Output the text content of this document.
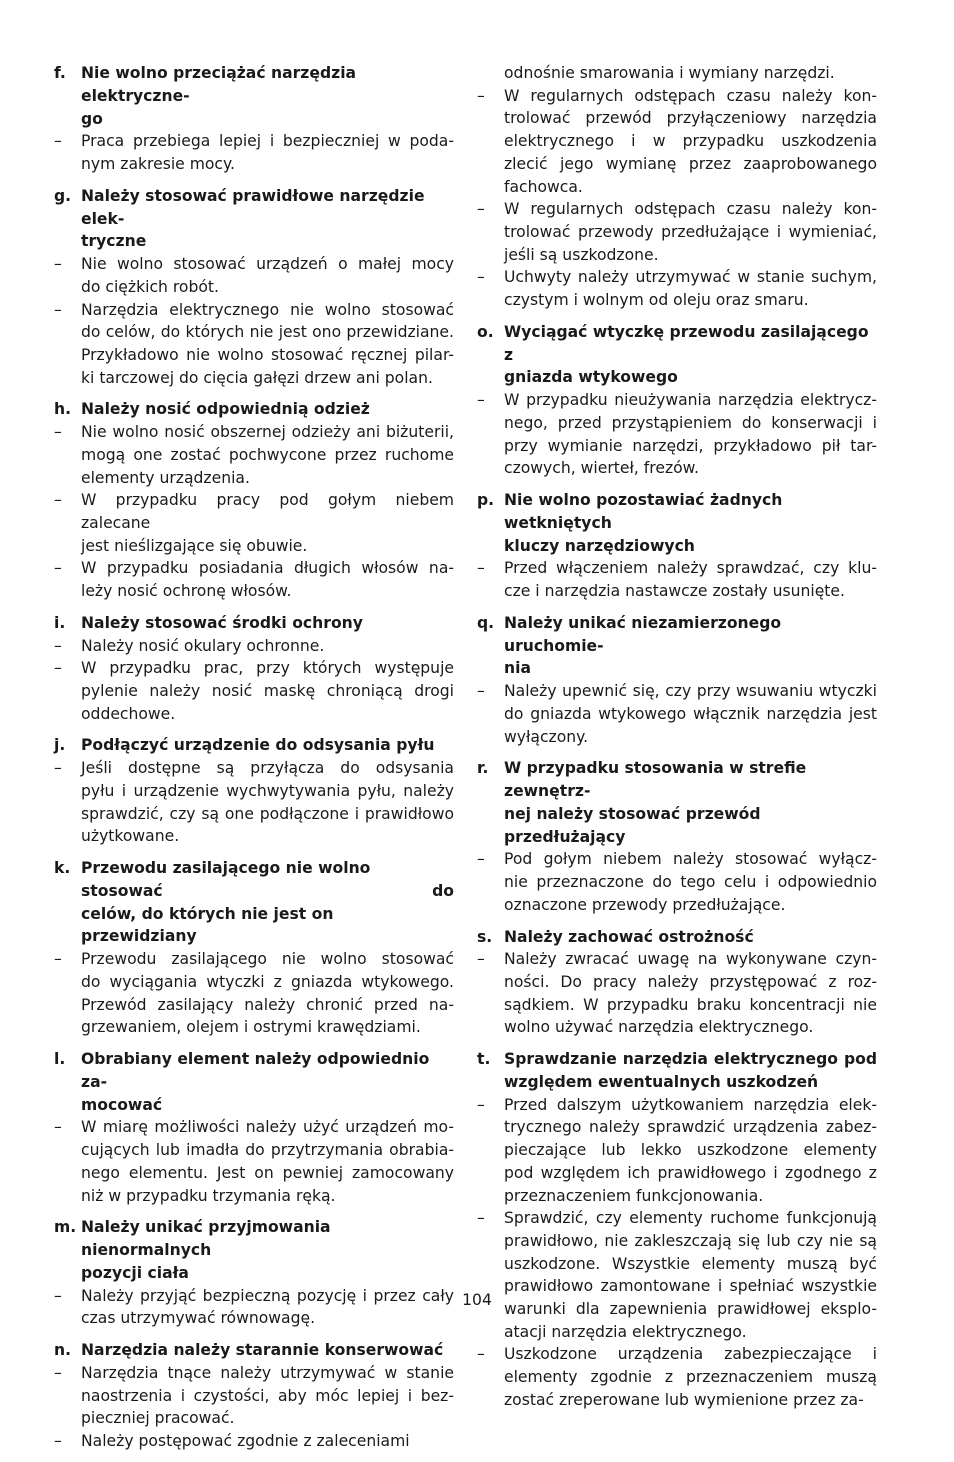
f. Nie wolno przeciążać narzędzia elektryczne-
go
–	Praca przebiega lepiej i bezpieczniej w poda-
nym zakresie mocy.
g. Należy stosować prawidłowe narzędzie elek-
tryczne
–	Nie wolno stosować urządzeń o małej mocy
do ciężkich robót.
–	Narzędzia elektrycznego nie wolno stosować
do celów, do których nie jest ono przewidziane.
Przykładowo nie wolno stosować ręcznej pilar-
ki tarczowej do cięcia gałęzi drzew ani polan.
h. Należy nosić odpowiednią odzież
–	Nie wolno nosić obszernej odzieży ani biżuterii,
mogą one zostać pochwycone przez ruchome
elementy urządzenia.
–	W przypadku pracy pod gołym niebem zalecane
jest nieślizgające się obuwie.
–	W przypadku posiadania długich włosów na-
leży nosić ochronę włosów.
i.	Należy stosować środki ochrony
–	Należy nosić okulary ochronne.
–	W przypadku prac, przy których występuje
pylenie należy nosić maskę chroniącą drogi
oddechowe.
j.	Podłączyć urządzenie do odsysania pyłu
–	Jeśli dostępne są przyłącza do odsysania
pyłu i urządzenie wychwytywania pyłu, należy
sprawdzić, czy są one podłączone i prawidłowo
użytkowane.
k. Przewodu zasilającego nie wolno stosować do
celów, do których nie jest on przewidziany
–	Przewodu zasilającego nie wolno stosować
do wyciągania wtyczki z gniazda wtykowego.
Przewód zasilający należy chronić przed na-
grzewaniem, olejem i ostrymi krawędziami.
l.	Obrabiany element należy odpowiednio za-
mocować
–	W miarę możliwości należy użyć urządzeń mo-
cujących lub imadła do przytrzymania obrabia-
nego elementu. Jest on pewniej zamocowany
niż w przypadku trzymania ręką.
m. Należy unikać przyjmowania nienormalnych
pozycji ciała
–	Należy przyjąć bezpieczną pozycję i przez cały
czas utrzymywać równowagę.
n. Narzędzia należy starannie konserwować
–	Narzędzia tnące należy utrzymywać w stanie
naostrzenia i czystości, aby móc lepiej i bez-
pieczniej pracować.
–	Należy postępować zgodnie z zaleceniami
odnośnie smarowania i wymiany narzędzi.
–	W regularnych odstępach czasu należy kon-
trolować przewód przyłączeniowy narzędzia
elektrycznego i w przypadku uszkodzenia
zlecić jego wymianę przez zaaprobowanego
fachowca.
–	W regularnych odstępach czasu należy kon-
trolować przewody przedłużające i wymieniać,
jeśli są uszkodzone.
–	Uchwyty należy utrzymywać w stanie suchym,
czystym i wolnym od oleju oraz smaru.
o. Wyciągać wtyczkę przewodu zasilającego z
gniazda wtykowego
–	W przypadku nieużywania narzędzia elektrycz-
nego, przed przystąpieniem do konserwacji i
przy wymianie narzędzi, przykładowo pił tar-
czowych, wierteł, frezów.
p. Nie wolno pozostawiać żadnych wetkniętych
kluczy narzędziowych
–	Przed włączeniem należy sprawdzać, czy klu-
cze i narzędzia nastawcze zostały usunięte.
q. Należy unikać niezamierzonego uruchomie-
nia
–	Należy upewnić się, czy przy wsuwaniu wtyczki
do gniazda wtykowego włącznik narzędzia jest
wyłączony.
r.	W przypadku stosowania w strefie zewnętrz-
nej należy stosować przewód przedłużający
–	Pod gołym niebem należy stosować wyłącz-
nie przeznaczone do tego celu i odpowiednio
oznaczone przewody przedłużające.
s. Należy zachować ostrożność
–	Należy zwracać uwagę na wykonywane czyn-
ności. Do pracy należy przystępować z roz-
sądkiem. W przypadku braku koncentracji nie
wolno używać narzędzia elektrycznego.
t. Sprawdzanie narzędzia elektrycznego pod
względem ewentualnych uszkodzeń
–	Przed dalszym użytkowaniem narzędzia elek-
trycznego należy sprawdzić urządzenia zabez-
pieczające lub lekko uszkodzone elementy
pod względem ich prawidłowego i zgodnego z
przeznaczeniem funkcjonowania.
–	Sprawdzić, czy elementy ruchome funkcjonują
prawidłowo, nie zakleszczają się lub czy nie są
uszkodzone. Wszystkie elementy muszą być
prawidłowo zamontowane i spełniać wszystkie
warunki dla zapewnienia prawidłowej eksplo-
atacji narzędzia elektrycznego.
–	Uszkodzone urządzenia zabezpieczające i
elementy zgodnie z przeznaczeniem muszą
zostać zreperowane lub wymienione przez za-
104
